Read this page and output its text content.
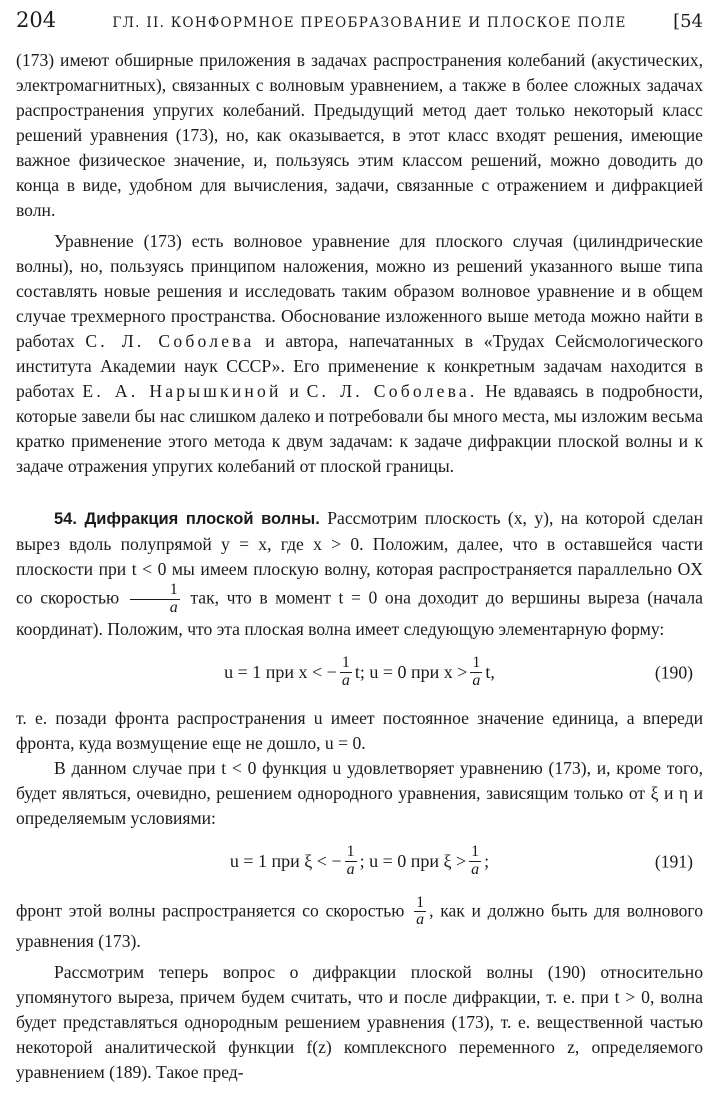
204	ГЛ. II. КОНФОРМНОЕ ПРЕОБРАЗОВАНИЕ И ПЛОСКОЕ ПОЛЕ	[54

(173) имеют обширные приложения в задачах распространения колебаний (акустических, электромагнитных), связанных с волновым уравнением, а также в более сложных задачах распространения упругих колебаний. Предыдущий метод дает только некоторый класс решений уравнения (173), но, как оказывается, в этот класс входят решения, имеющие важное физическое значение, и, пользуясь этим классом решений, можно доводить до конца в виде, удобном для вычисления, задачи, связанные с отражением и дифракцией волн.

Уравнение (173) есть волновое уравнение для плоского случая (цилиндрические волны), но, пользуясь принципом наложения, можно из решений указанного выше типа составлять новые решения и исследовать таким образом волновое уравнение и в общем случае трехмерного пространства. Обоснование изложенного выше метода можно найти в работах С. Л. Соболева и автора, напечатанных в «Трудах Сейсмологического института Академии наук СССР». Его применение к конкретным задачам находится в работах Е. А. Нарышкиной и С. Л. Соболева. Не вдаваясь в подробности, которые завели бы нас слишком далеко и потребовали бы много места, мы изложим весьма кратко применение этого метода к двум задачам: к задаче дифракции плоской волны и к задаче отражения упругих колебаний от плоской границы.

54. Дифракция плоской волны. Рассмотрим плоскость (x, y), на которой сделан вырез вдоль полупрямой y = x, где x > 0. Положим, далее, что в оставшейся части плоскости при t < 0 мы имеем плоскую волну, которая распространяется параллельно OX со скоростью $\frac{1}{a}$ так, что в момент t = 0 она доходит до вершины выреза (начала координат). Положим, что эта плоская волна имеет следующую элементарную форму:

u = 1 при x < − $\frac{1}{a} t$; u = 0 при $x > \frac{1}{a} t$,	(190)

т. е. позади фронта распространения u имеет постоянное значение единица, а впереди фронта, куда возмущение еще не дошло, u = 0.

В данном случае при t < 0 функция u удовлетворяет уравнению (173), и, кроме того, будет являться, очевидно, решением однородного уравнения, зависящим только от ξ и η и определяемым условиями:

u = 1 при ξ < − $\frac{1}{a}$ ; u = 0 при $\xi > \frac{1}{a}$ ;	(191)

фронт этой волны распространяется со скоростью $\frac{1}{a}$ , как и должно быть для волнового уравнения (173).

Рассмотрим теперь вопрос о дифракции плоской волны (190) относительно упомянутого выреза, причем будем считать, что и после дифракции, т. е. при t > 0, волна будет представляться однородным решением уравнения (173), т. е. вещественной частью некоторой аналитической функции f(z) комплексного переменного z, определяемого уравнением (189). Такое пред-
